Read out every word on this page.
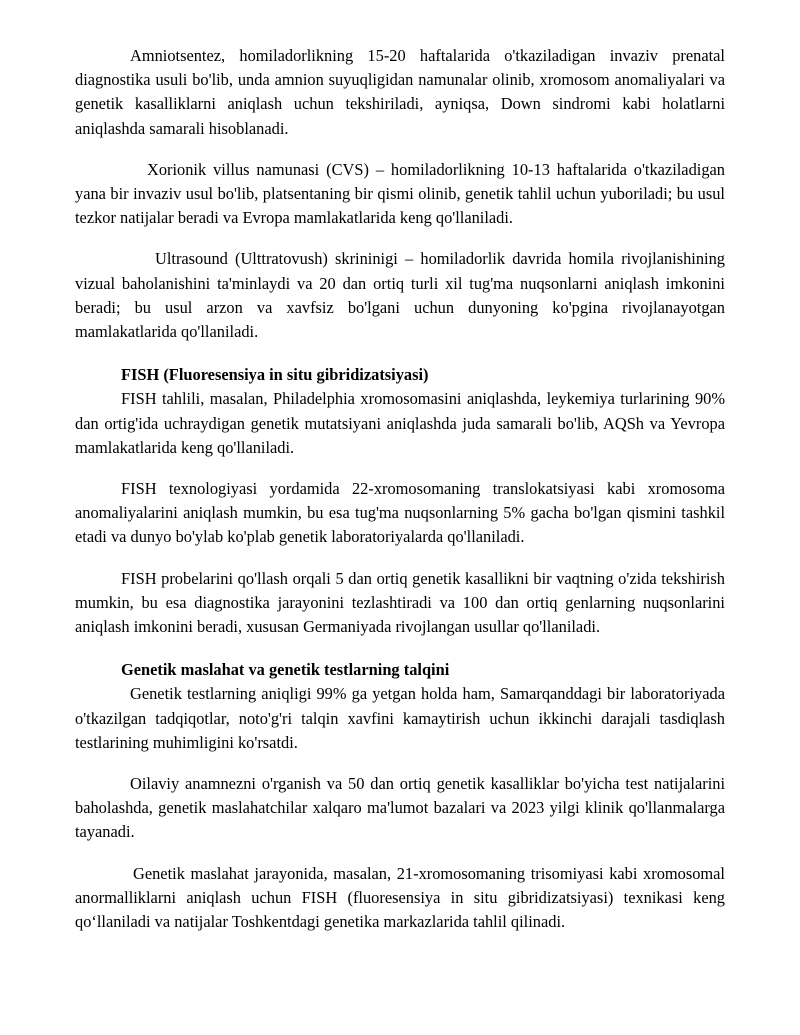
Amniotsentez, homiladorlikning 15-20 haftalarida o'tkaziladigan invaziv prenatal diagnostika usuli bo'lib, unda amnion suyuqligidan namunalar olinib, xromosom anomaliyalari va genetik kasalliklarni aniqlash uchun tekshiriladi, ayniqsa, Down sindromi kabi holatlarni aniqlashda samarali hisoblanadi.

Xorionik villus namunasi (CVS) – homiladorlikning 10-13 haftalarida o'tkaziladigan yana bir invaziv usul bo'lib, platsentaning bir qismi olinib, genetik tahlil uchun yuboriladi; bu usul tezkor natijalar beradi va Evropa mamlakatlarida keng qo'llaniladi.

Ultrasound (Ulttratovush) skrininigi – homiladorlik davrida homila rivojlanishining vizual baholanishini ta'minlaydi va 20 dan ortiq turli xil tug'ma nuqsonlarni aniqlash imkonini beradi; bu usul arzon va xavfsiz bo'lgani uchun dunyoning ko'pgina rivojlanayotgan mamlakatlarida qo'llaniladi.

FISH (Fluoresensiya in situ gibridizatsiyasi)

FISH tahlili, masalan, Philadelphia xromosomasini aniqlashda, leykemiya turlarining 90% dan ortig'ida uchraydigan genetik mutatsiyani aniqlashda juda samarali bo'lib, AQSh va Yevropa mamlakatlarida keng qo'llaniladi.

FISH texnologiyasi yordamida 22-xromosomaning translokatsiyasi kabi xromosoma anomaliyalarini aniqlash mumkin, bu esa tug'ma nuqsonlarning 5% gacha bo'lgan qismini tashkil etadi va dunyo bo'ylab ko'plab genetik laboratoriyalarda qo'llaniladi.

FISH probelarini qo'llash orqali 5 dan ortiq genetik kasallikni bir vaqtning o'zida tekshirish mumkin, bu esa diagnostika jarayonini tezlashtiradi va 100 dan ortiq genlarning nuqsonlarini aniqlash imkonini beradi, xususan Germaniyada rivojlangan usullar qo'llaniladi.

Genetik maslahat va genetik testlarning talqini

Genetik testlarning aniqligi 99% ga yetgan holda ham, Samarqanddagi bir laboratoriyada o'tkazilgan tadqiqotlar, noto'g'ri talqin xavfini kamaytirish uchun ikkinchi darajali tasdiqlash testlarining muhimligini ko'rsatdi.

Oilaviy anamnezni o'rganish va 50 dan ortiq genetik kasalliklar bo'yicha test natijalarini baholashda, genetik maslahatchilar xalqaro ma'lumot bazalari va 2023 yilgi klinik qo'llanmalarga tayanadi.

Genetik maslahat jarayonida, masalan, 21-xromosomaning trisomiyasi kabi xromosomal anormalliklarni aniqlash uchun FISH (fluoresensiya in situ gibridizatsiyasi) texnikasi keng qo‘llaniladi va natijalar Toshkentdagi genetika markazlarida tahlil qilinadi.
